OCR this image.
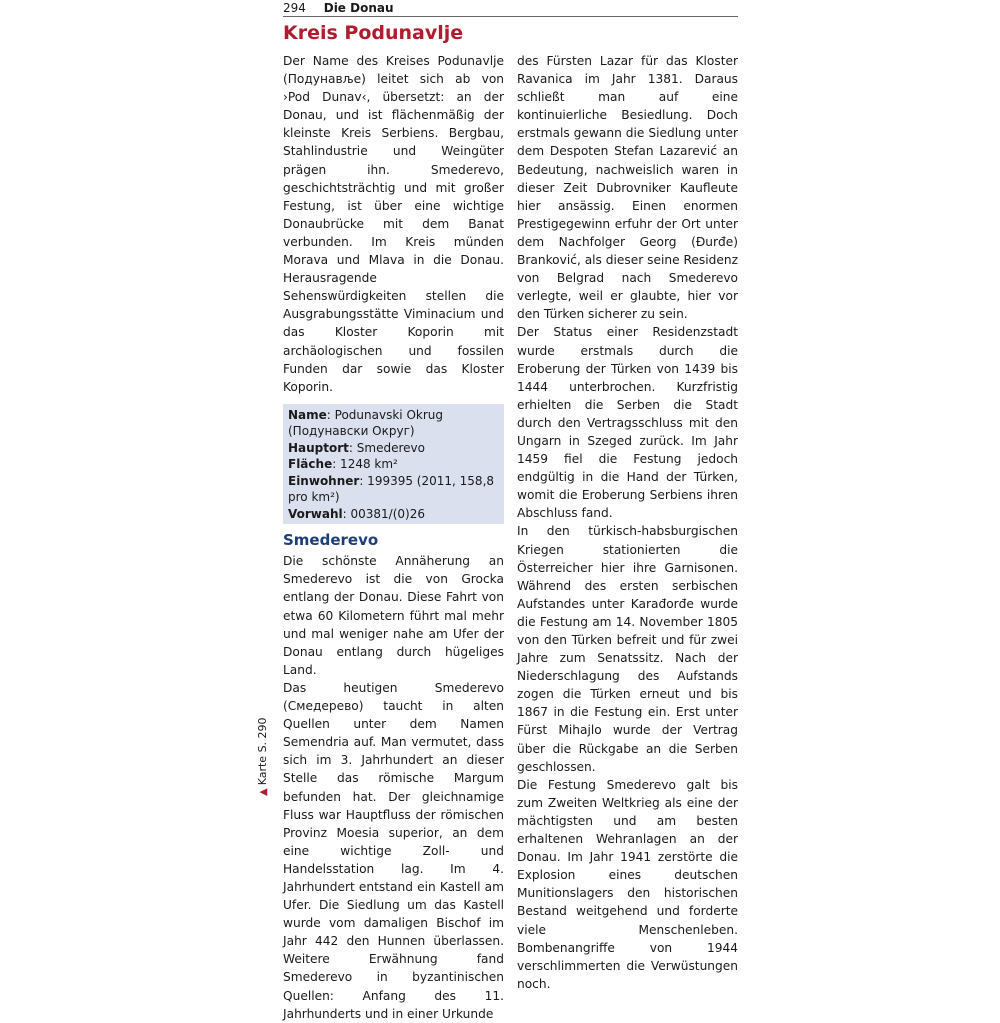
294 Die Donau
Kreis Podunavlje

Der Name des Kreises Podunavlje (Подунавље) leitet sich ab von ›Pod Dunav‹, übersetzt: an der Donau, und ist flächenmäßig der kleinste Kreis Serbiens. Bergbau, Stahlindustrie und Weingüter prägen ihn. Smederevo, geschichtsträchtig und mit großer Festung, ist über eine wichtige Donaubrücke mit dem Banat verbunden. Im Kreis münden Morava und Mlava in die Donau. Herausragende Sehenswürdigkeiten stellen die Ausgrabungsstätte Viminacium und das Kloster Koporin mit archäologischen und fossilen Funden dar sowie das Kloster Koporin.

Name: Podunavski Okrug (Подунавски Округ)
Hauptort: Smederevo
Fläche: 1248 km²
Einwohner: 199395 (2011, 158,8 pro km²)
Vorwahl: 00381/(0)26
Smederevo

Die schönste Annäherung an Smederevo ist die von Grocka entlang der Donau. Diese Fahrt von etwa 60 Kilometern führt mal mehr und mal weniger nahe am Ufer der Donau entlang durch hügeliges Land.

Das heutigen Smederevo (Смедерево) taucht in alten Quellen unter dem Namen Semendria auf. Man vermutet, dass sich im 3. Jahrhundert an dieser Stelle das römische Margum befunden hat. Der gleichnamige Fluss war Hauptfluss der römischen Provinz Moesia superior, an dem eine wichtige Zoll- und Handelsstation lag. Im 4. Jahrhundert entstand ein Kastell am Ufer. Die Siedlung um das Kastell wurde vom damaligen Bischof im Jahr 442 den Hunnen überlassen. Weitere Erwähnung fand Smederevo in byzantinischen Quellen: Anfang des 11. Jahrhunderts und in einer Urkunde

des Fürsten Lazar für das Kloster Ravanica im Jahr 1381. Daraus schließt man auf eine kontinuierliche Besiedlung. Doch erstmals gewann die Siedlung unter dem Despoten Stefan Lazarević an Bedeutung, nachweislich waren in dieser Zeit Dubrovniker Kaufleute hier ansässig. Einen enormen Prestigegewinn erfuhr der Ort unter dem Nachfolger Georg (Đurđe) Branković, als dieser seine Residenz von Belgrad nach Smederevo verlegte, weil er glaubte, hier vor den Türken sicherer zu sein.

Der Status einer Residenzstadt wurde erstmals durch die Eroberung der Türken von 1439 bis 1444 unterbrochen. Kurzfristig erhielten die Serben die Stadt durch den Vertragsschluss mit den Ungarn in Szeged zurück. Im Jahr 1459 fiel die Festung jedoch endgültig in die Hand der Türken, womit die Eroberung Serbiens ihren Abschluss fand.

In den türkisch-habsburgischen Kriegen stationierten die Österreicher hier ihre Garnisonen. Während des ersten serbischen Aufstandes unter Karađorđe wurde die Festung am 14. November 1805 von den Türken befreit und für zwei Jahre zum Senatssitz. Nach der Niederschlagung des Aufstands zogen die Türken erneut und bis 1867 in die Festung ein. Erst unter Fürst Mihajlo wurde der Vertrag über die Rückgabe an die Serben geschlossen.

Die Festung Smederevo galt bis zum Zweiten Weltkrieg als eine der mächtigsten und am besten erhaltenen Wehranlagen an der Donau. Im Jahr 1941 zerstörte die Explosion eines deutschen Munitionslagers den historischen Bestand weitgehend und forderte viele Menschenleben. Bombenangriffe von 1944 verschlimmerten die Verwüstungen noch.

▲Karte S. 290
